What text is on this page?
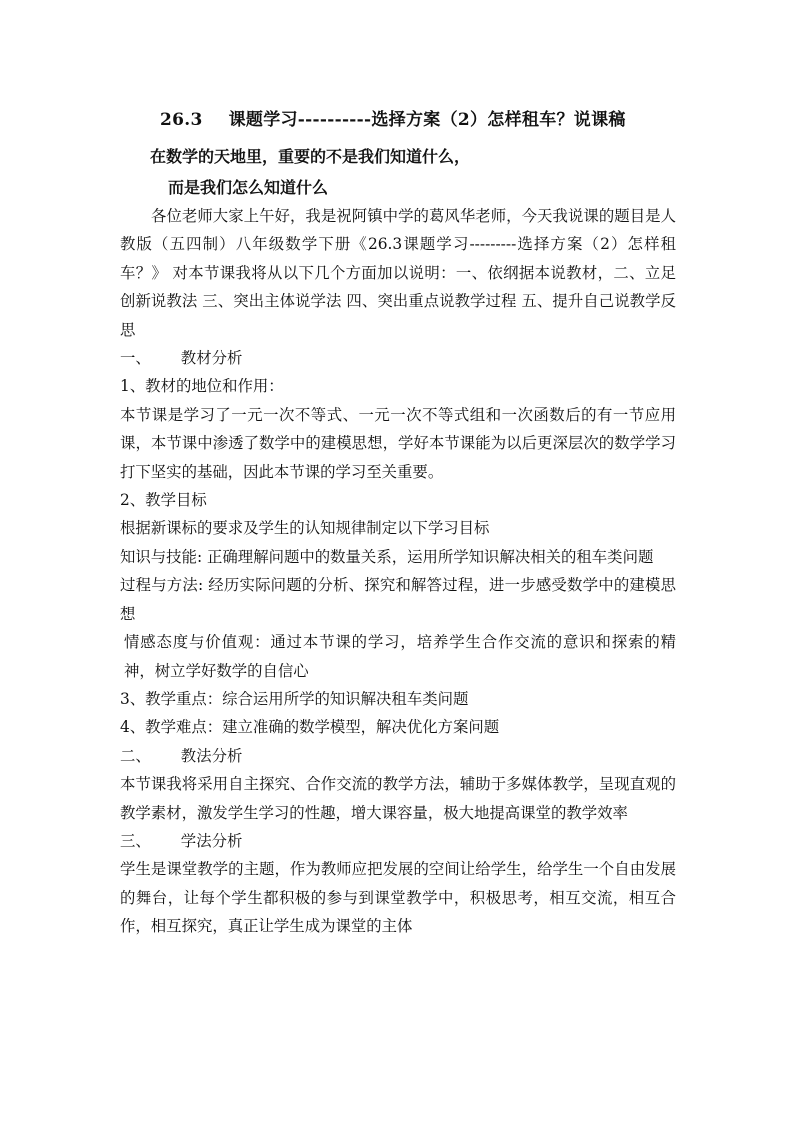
26.3 课题学习----------选择方案（2）怎样租车？说课稿
在数学的天地里，重要的不是我们知道什么，
而是我们怎么知道什么

各位老师大家上午好，我是祝阿镇中学的葛风华老师，今天我说课的题目是人教版（五四制）八年级数学下册《26.3课题学习---------选择方案（2）怎样租车？》 对本节课我将从以下几个方面加以说明：一、依纲据本说教材，二、立足创新说教法 三、突出主体说学法 四、突出重点说教学过程 五、提升自己说教学反思

一、 教材分析

1、教材的地位和作用：

本节课是学习了一元一次不等式、一元一次不等式组和一次函数后的有一节应用课，本节课中渗透了数学中的建模思想，学好本节课能为以后更深层次的数学学习打下坚实的基础，因此本节课的学习至关重要。

2、教学目标

根据新课标的要求及学生的认知规律制定以下学习目标

知识与技能: 正确理解问题中的数量关系，运用所学知识解决相关的租车类问题

过程与方法: 经历实际问题的分析、探究和解答过程，进一步感受数学中的建模思想

情感态度与价值观：通过本节课的学习，培养学生合作交流的意识和探索的精神，树立学好数学的自信心

3、教学重点：综合运用所学的知识解决租车类问题

4、教学难点：建立准确的数学模型，解决优化方案问题

二、 教法分析

本节课我将采用自主探究、合作交流的教学方法，辅助于多媒体教学，呈现直观的教学素材，激发学生学习的性趣，增大课容量，极大地提高课堂的教学效率

三、 学法分析

学生是课堂教学的主题，作为教师应把发展的空间让给学生，给学生一个自由发展的舞台，让每个学生都积极的参与到课堂教学中，积极思考，相互交流，相互合作，相互探究，真正让学生成为课堂的主体
